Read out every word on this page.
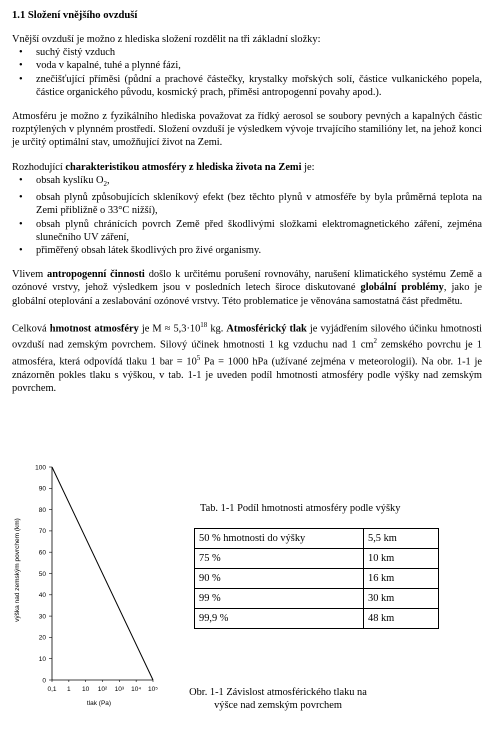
1.1 Složení vnějšího ovzduší

Vnější ovzduší je možno z hlediska složení rozdělit na tři základní složky:

• suchý čistý vzduch
• voda v kapalné, tuhé a plynné fázi,
• znečišťující příměsi (půdní a prachové částečky, krystalky mořských solí, částice vulkanického popela, částice organického původu, kosmický prach, příměsi antropogenní povahy apod.).

Atmosféru je možno z fyzikálního hlediska považovat za řídký aerosol se soubory pevných a kapalných částic rozptýlených v plynném prostředí. Složení ovzduší je výsledkem vývoje trvajícího stamilióny let, na jehož konci je určitý optimální stav, umožňující život na Zemi.

Rozhodující charakteristikou atmosféry z hlediska života na Zemi je:

• obsah kyslíku $O_2$,
• obsah plynů způsobujících skleníkový efekt (bez těchto plynů v atmosféře by byla průměrná teplota na Zemi přibližně o 33°C nižší),
• obsah plynů chránících povrch Země před škodlivými složkami elektromagnetického záření, zejména slunečního UV záření,
• přiměřený obsah látek škodlivých pro živé organismy.

Vlivem antropogenní činnosti došlo k určitému porušení rovnováhy, narušení klimatického systému Země a ozónové vrstvy, jehož výsledkem jsou v posledních letech široce diskutované globální problémy, jako je globální oteplování a zeslabování ozónové vrstvy. Této problematice je věnována samostatná část předmětu.

Celková hmotnost atmosféry je $M \approx 5,3\cdot 10^{18}$ kg. Atmosférický tlak je vyjádřením silového účinku hmotnosti ovzduší nad zemským povrchem. Silový účinek hmotnosti 1 kg vzduchu nad 1 $cm^2$ zemského povrchu je 1 atmosféra, která odpovídá tlaku 1 bar = $10^5$ Pa = 1000 hPa (užívané zejména v meteorologii). Na obr. 1-1 je znázorněn pokles tlaku s výškou, v tab. 1-1 je uveden podíl hmotnosti atmosféry podle výšky nad zemským povrchem.

0
10
20
30
40
50
60
70
80
90
100
0,1 1 10 10² 10³ 10⁴ 10⁵
výška nad zemským povrchem (km)
tlak (Pa)
Tab. 1-1 Podíl hmotnosti atmosféry podle výšky
50 % hmotnosti do výšky	5,5 km
75 %	10 km
90 %	16 km
99 %	30 km
99,9 %	48 km
Obr. 1-1 Závislost atmosférického tlaku na
výšce nad zemským povrchem
